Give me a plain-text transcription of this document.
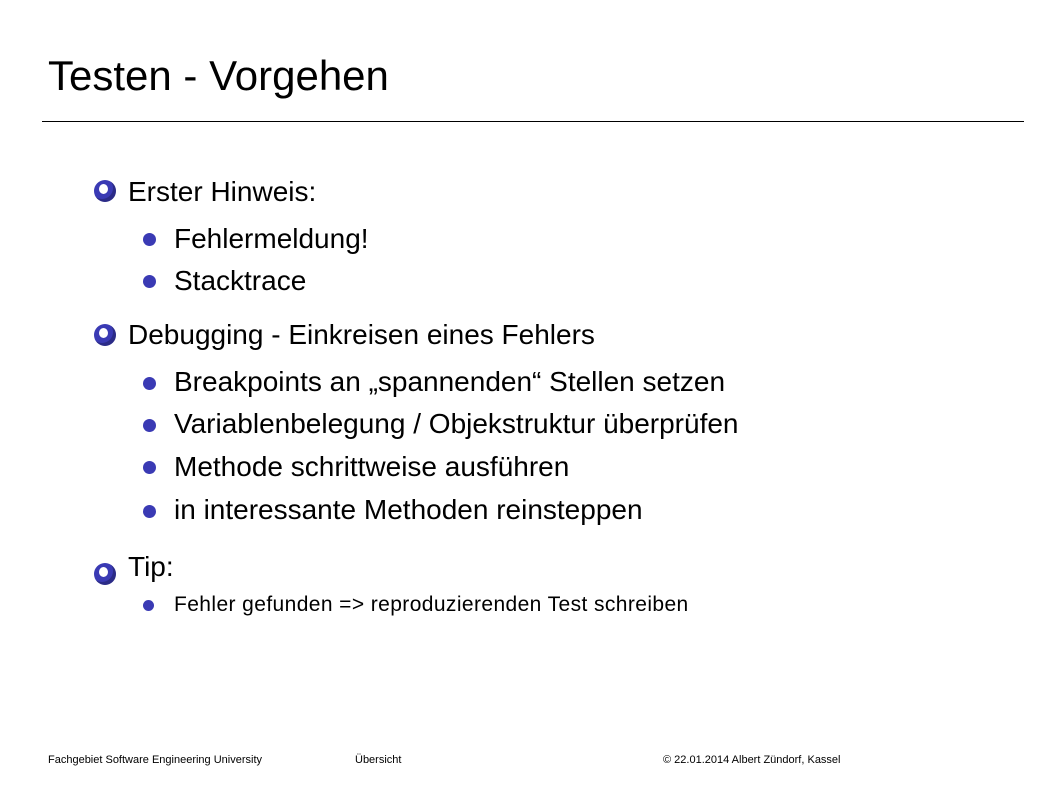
Testen - Vorgehen
Erster Hinweis:
Fehlermeldung!
Stacktrace
Debugging - Einkreisen eines Fehlers
Breakpoints an „spannenden“ Stellen setzen
Variablenbelegung / Objekstruktur überprüfen
Methode schrittweise ausführen
in interessante Methoden reinsteppen
Tip:
Fehler gefunden => reproduzierenden Test schreiben
Fachgebiet Software Engineering University	Übersicht	© 22.01.2014 Albert Zündorf, Kassel
